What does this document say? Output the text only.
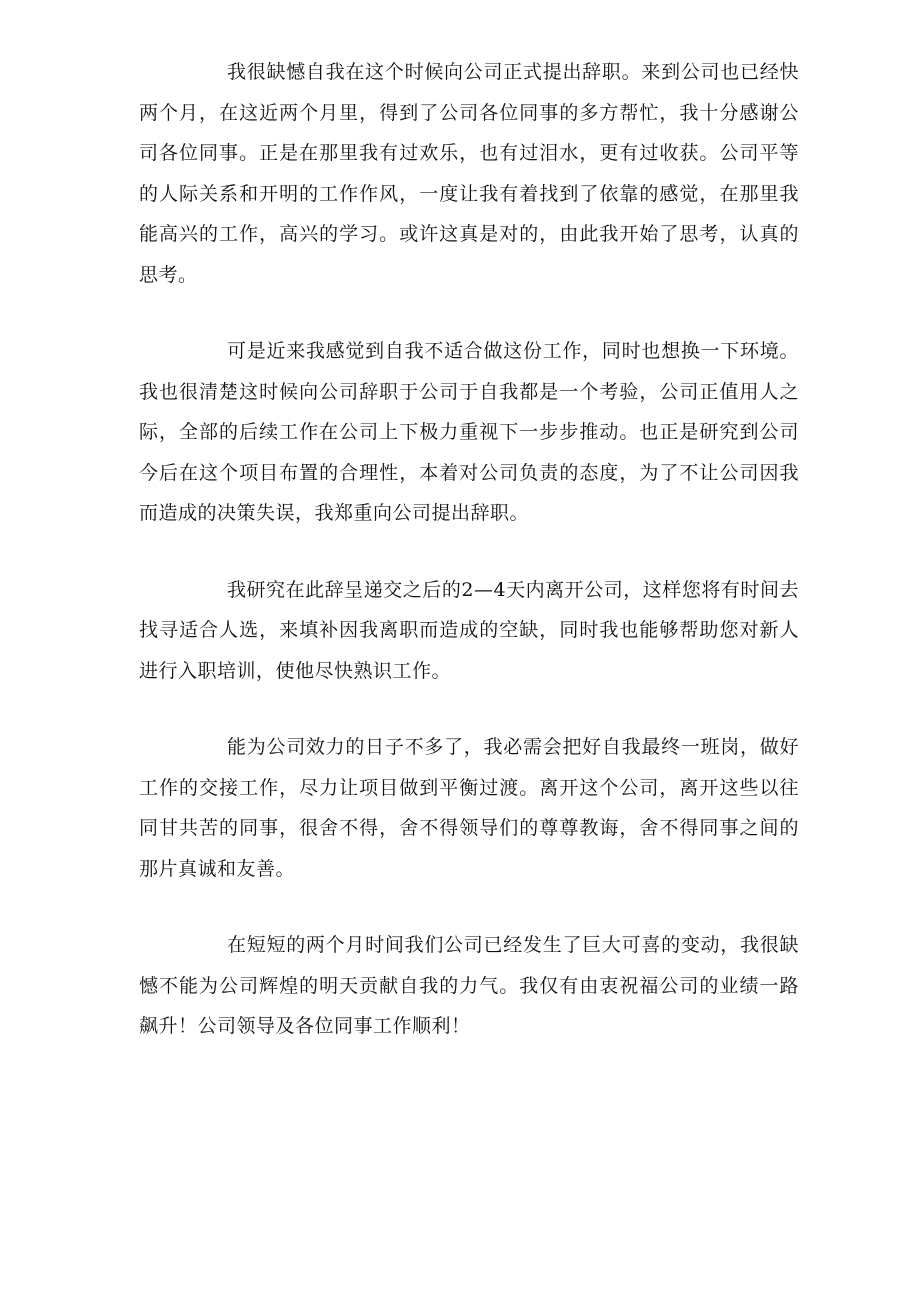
我很缺憾自我在这个时候向公司正式提出辞职。来到公司也已经快两个月，在这近两个月里，得到了公司各位同事的多方帮忙，我十分感谢公司各位同事。正是在那里我有过欢乐，也有过泪水，更有过收获。公司平等的人际关系和开明的工作作风，一度让我有着找到了依靠的感觉，在那里我能高兴的工作，高兴的学习。或许这真是对的，由此我开始了思考，认真的思考。

可是近来我感觉到自我不适合做这份工作，同时也想换一下环境。我也很清楚这时候向公司辞职于公司于自我都是一个考验，公司正值用人之际，全部的后续工作在公司上下极力重视下一步步推动。也正是研究到公司今后在这个项目布置的合理性，本着对公司负责的态度，为了不让公司因我而造成的决策失误，我郑重向公司提出辞职。

我研究在此辞呈递交之后的2—4天内离开公司，这样您将有时间去找寻适合人选，来填补因我离职而造成的空缺，同时我也能够帮助您对新人进行入职培训，使他尽快熟识工作。

能为公司效力的日子不多了，我必需会把好自我最终一班岗，做好工作的交接工作，尽力让项目做到平衡过渡。离开这个公司，离开这些以往同甘共苦的同事，很舍不得，舍不得领导们的尊尊教诲，舍不得同事之间的那片真诚和友善。

在短短的两个月时间我们公司已经发生了巨大可喜的变动，我很缺憾不能为公司辉煌的明天贡献自我的力气。我仅有由衷祝福公司的业绩一路飙升！公司领导及各位同事工作顺利！
